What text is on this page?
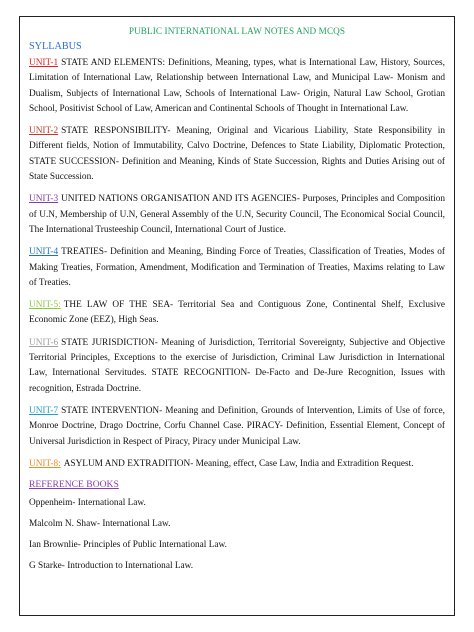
PUBLIC INTERNATIONAL LAW NOTES AND MCQS
SYLLABUS

UNIT-1 STATE AND ELEMENTS: Definitions, Meaning, types, what is International Law, History, Sources, Limitation of International Law, Relationship between International Law, and Municipal Law- Monism and Dualism, Subjects of International Law, Schools of International Law- Origin, Natural Law School, Grotian School, Positivist School of Law, American and Continental Schools of Thought in International Law.

UNIT-2 STATE RESPONSIBILITY- Meaning, Original and Vicarious Liability, State Responsibility in Different fields, Notion of Immutability, Calvo Doctrine, Defences to State Liability, Diplomatic Protection, STATE SUCCESSION- Definition and Meaning, Kinds of State Succession, Rights and Duties Arising out of State Succession.

UNIT-3 UNITED NATIONS ORGANISATION AND ITS AGENCIES- Purposes, Principles and Composition of U.N, Membership of U.N, General Assembly of the U.N, Security Council, The Economical Social Council, The International Trusteeship Council, International Court of Justice.

UNIT-4 TREATIES- Definition and Meaning, Binding Force of Treaties, Classification of Treaties, Modes of Making Treaties, Formation, Amendment, Modification and Termination of Treaties, Maxims relating to Law of Treaties.

UNIT-5: THE LAW OF THE SEA- Territorial Sea and Contiguous Zone, Continental Shelf, Exclusive Economic Zone (EEZ), High Seas.

UNIT-6 STATE JURISDICTION- Meaning of Jurisdiction, Territorial Sovereignty, Subjective and Objective Territorial Principles, Exceptions to the exercise of Jurisdiction, Criminal Law Jurisdiction in International Law, International Servitudes. STATE RECOGNITION- De-Facto and De-Jure Recognition, Issues with recognition, Estrada Doctrine.

UNIT-7 STATE INTERVENTION- Meaning and Definition, Grounds of Intervention, Limits of Use of force, Monroe Doctrine, Drago Doctrine, Corfu Channel Case. PIRACY- Definition, Essential Element, Concept of Universal Jurisdiction in Respect of Piracy, Piracy under Municipal Law.

UNIT-8: ASYLUM AND EXTRADITION- Meaning, effect, Case Law, India and Extradition Request.

REFERENCE BOOKS
Oppenheim- International Law.
Malcolm N. Shaw- International Law.
Ian Brownlie- Principles of Public International Law.
G Starke- Introduction to International Law.
